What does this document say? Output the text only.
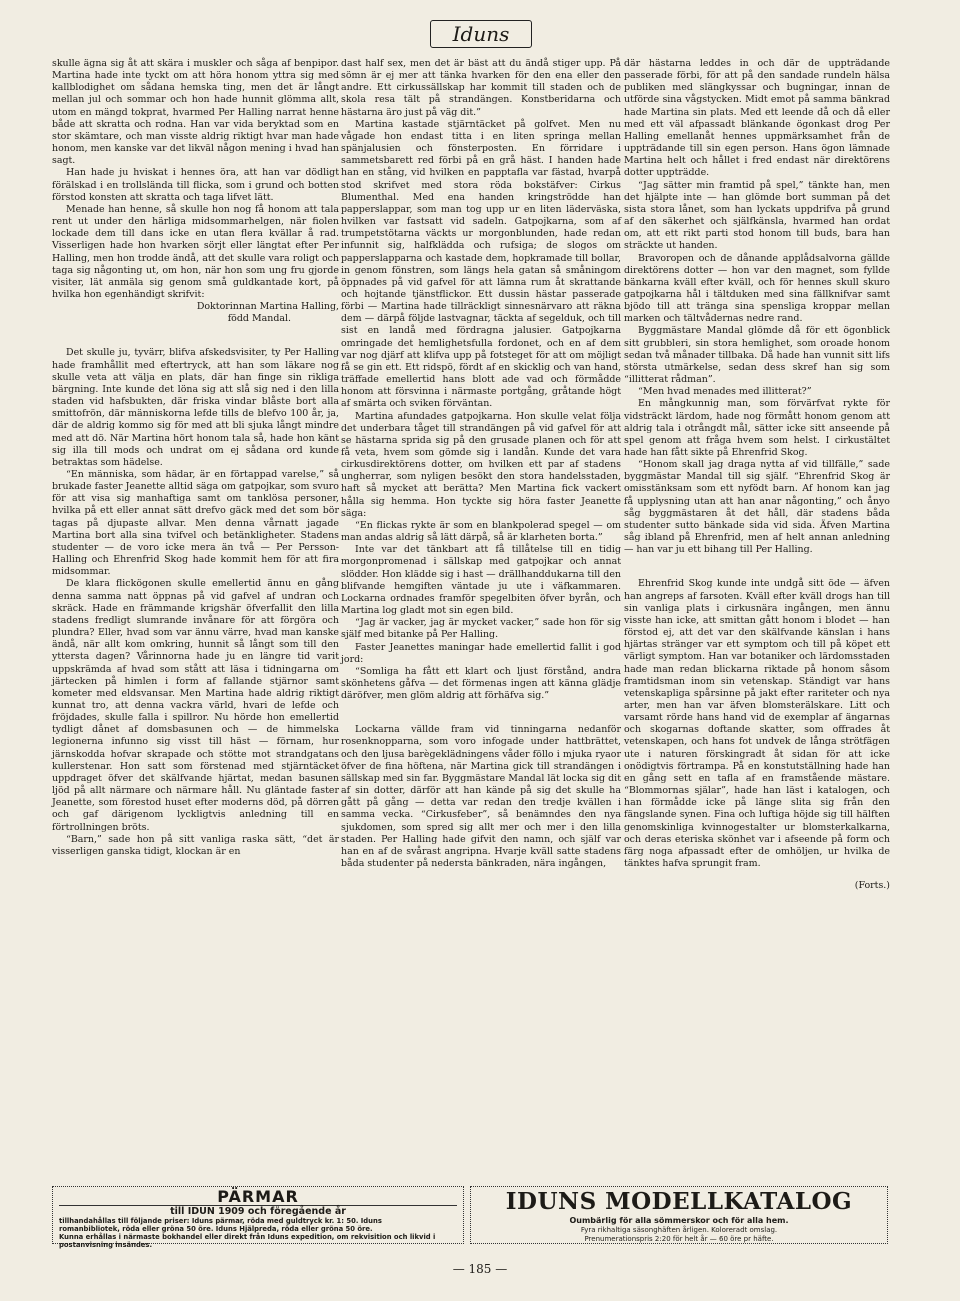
Iduns

skulle ägna sig åt att skära i muskler och såga af benpipor. Martina hade inte tyckt om att höra honom yttra sig med kallblodighet om sådana hemska ting, men det är långt mellan jul och sommar och hon hade hunnit glömma allt, utom en mängd tokprat, hvarmed Per Halling narrat henne både att skratta och rodna. Han var vida beryktad som en stor skämtare, och man visste aldrig riktigt hvar man hade honom, men kanske var det likväl någon mening i hvad han sagt.

Han hade ju hviskat i hennes öra, att han var dödligt förälskad i en trollslända till flicka, som i grund och botten förstod konsten att skratta och taga lifvet lätt.

Menade han henne, så skulle hon nog få honom att tala rent ut under den härliga midsommarhelgen, när fiolen lockade dem till dans icke en utan flera kvällar å rad. Visserligen hade hon hvarken sörjt eller längtat efter Per Halling, men hon trodde ändå, att det skulle vara roligt och taga sig någonting ut, om hon, när hon som ung fru gjorde visiter, lät anmäla sig genom små guldkantade kort, på hvilka hon egenhändigt skrifvit:

Doktorinnan Martina Halling,

född Mandal.

Det skulle ju, tyvärr, blifva afskedsvisiter, ty Per Halling hade framhållit med eftertryck, att han som läkare nog skulle veta att välja en plats, där han finge sin rikliga bärgning. Inte kunde det löna sig att slå sig ned i den lilla staden vid hafsbukten, där friska vindar blåste bort alla smittofrön, där människorna lefde tills de blefvo 100 år, ja, där de aldrig kommo sig för med att bli sjuka långt mindre med att dö. När Martina hört honom tala så, hade hon känt sig illa till mods och undrat om ej sådana ord kunde betraktas som hädelse.

“En människa, som hädar, är en förtappad varelse,” så brukade faster Jeanette alltid säga om gatpojkar, som svuro för att visa sig manhaftiga samt om tanklösa personer, hvilka på ett eller annat sätt drefvo gäck med det som bör tagas på djupaste allvar. Men denna vårnatt jagade Martina bort alla sina tvifvel och betänkligheter. Stadens studenter — de voro icke mera än två — Per Persson-Halling och Ehrenfrid Skog hade kommit hem för att fira midsommar.

De klara flickögonen skulle emellertid ännu en gång denna samma natt öppnas på vid gafvel af undran och skräck. Hade en främmande krigshär öfverfallit den lilla stadens fredligt slumrande invånare för att förgöra och plundra? Eller, hvad som var ännu värre, hvad man kanske ändå, när allt kom omkring, hunnit så långt som till den yttersta dagen? Vårinnorna hade ju en längre tid varit uppskrämda af hvad som stått att läsa i tidningarna om järtecken på himlen i form af fallande stjärnor samt kometer med eldsvansar. Men Martina hade aldrig riktigt kunnat tro, att denna vackra värld, hvari de lefde och fröjdades, skulle falla i spillror. Nu hörde hon emellertid tydligt dånet af domsbasunen och — de himmelska legionerna infunno sig visst till häst — förnam, hur järnskodda hofvar skrapade och stötte mot strandgatans kullerstenar. Hon satt som förstenad med stjärntäcket uppdraget öfver det skälfvande hjärtat, medan basunen ljöd på allt närmare och närmare håll. Nu gläntade faster Jeanette, som förestod huset efter moderns död, på dörren och gaf därigenom lyckligtvis anledning till en förtrollningen bröts.

“Barn,” sade hon på sitt vanliga raska sätt, “det är visserligen ganska tidigt, klockan är en

dast half sex, men det är bäst att du ändå stiger upp. På sömn är ej mer att tänka hvarken för den ena eller den andre. Ett cirkussällskap har kommit till staden och de skola resa tält på strandängen. Konstberidarna och hästarna äro just på väg dit.”

Martina kastade stjärntäcket på golfvet. Men nu vågade hon endast titta i en liten springa mellan spänjalusien och fönsterposten. En förridare i sammetsbarett red förbi på en grå häst. I handen hade han en stång, vid hvilken en papptafla var fästad, hvarpå stod skrifvet med stora röda bokstäfver: Cirkus Blumenthal. Med ena handen kringströdde han papperslappar, som man tog upp ur en liten läderväska, hvilken var fastsatt vid sadeln. Gatpojkarna, som af trumpetstötarna väckts ur morgonblunden, hade redan infunnit sig, halfklädda och rufsiga; de slogos om papperslapparna och kastade dem, hopkramade till bollar, in genom fönstren, som längs hela gatan så småningom öppnades på vid gafvel för att lämna rum åt skrattande och hojtande tjänstflickor. Ett dussin hästar passerade förbi — Martina hade tillräckligt sinnesnärvaro att räkna dem — därpå följde lastvagnar, täckta af segelduk, och till sist en landå med fördragna jalusier. Gatpojkarna omringade det hemlighetsfulla fordonet, och en af dem var nog djärf att klifva upp på fotsteget för att om möjligt få se gin ett. Ett ridspö, fördt af en skicklig och van hand, träffade emellertid hans blott ade vad och förmådde honom att försvinna i närmaste portgång, gråtande högt af smärta och sviken förväntan.

Martina afundades gatpojkarna. Hon skulle velat följa det underbara tåget till strandängen på vid gafvel för att se hästarna sprida sig på den grusade planen och för att få veta, hvem som gömde sig i landån. Kunde det vara cirkusdirektörens dotter, om hvilken ett par af stadens ungherrar, som nyligen besökt den stora handelsstaden, haft så mycket att berätta? Men Martina fick vackert hålla sig hemma. Hon tyckte sig höra faster Jeanette säga:

“En flickas rykte är som en blankpolerad spegel — om man andas aldrig så lätt därpå, så är klarheten borta.”

Inte var det tänkbart att få tillåtelse till en tidig morgonpromenad i sällskap med gatpojkar och annat slödder. Hon klädde sig i hast — drällhanddukarna till den blifvande hemgiften väntade ju ute i väfkammaren. Lockarna ordnades framför spegelbiten öfver byrån, och Martina log gladt mot sin egen bild.

“Jag är vacker, jag är mycket vacker,” sade hon för sig själf med bitanke på Per Halling.

Faster Jeanettes maningar hade emellertid fallit i god jord:

“Somliga ha fått ett klart och ljust förstånd, andra skönhetens gåfva — det förmenas ingen att känna glädje däröfver, men glöm aldrig att förhäfva sig.”

Lockarna vällde fram vid tinningarna nedanför rosenknopparna, som voro infogade under hattbrättet, och den ljusa barègeklädningens våder föllo i mjuka ryaor öfver de fina höftena, när Martina gick till strandängen i sällskap med sin far. Byggmästare Mandal lät locka sig dit af sin dotter, därför att han kände på sig det skulle ha gått på gång — detta var redan den tredje kvällen i samma vecka. “Cirkusfeber”, så benämndes den nya sjukdomen, som spred sig allt mer och mer i den lilla staden. Per Halling hade gifvit den namn, och själf var han en af de svårast angripna. Hvarje kväll satte stadens båda studenter på nedersta bänkraden, nära ingången,

där hästarna leddes in och där de uppträdande passerade förbi, för att på den sandade rundeln hälsa publiken med slängkyssar och bugningar, innan de utförde sina vågstycken. Midt emot på samma bänkrad hade Martina sin plats. Med ett leende då och då eller med ett väl afpassadt blänkande ögonkast drog Per Halling emellanåt hennes uppmärksamhet från de uppträdande till sin egen person. Hans ögon lämnade Martina helt och hållet i fred endast när direktörens dotter uppträdde.

“Jag sätter min framtid på spel,” tänkte han, men det hjälpte inte — han glömde bort summan på det sista stora lånet, som han lyckats uppdrifva på grund af den säkerhet och själfkänsla, hvarmed han ordat om, att ett rikt parti stod honom till buds, bara han sträckte ut handen.

Bravoropen och de dånande applådsalvorna gällde direktörens dotter — hon var den magnet, som fyllde bänkarna kväll efter kväll, och för hennes skull skuro gatpojkarna hål i tältduken med sina fällknifvar samt bjödo till att tränga sina spensliga kroppar mellan marken och tältvådernas nedre rand.

Byggmästare Mandal glömde då för ett ögonblick sitt grubbleri, sin stora hemlighet, som oroade honom sedan två månader tillbaka. Då hade han vunnit sitt lifs största utmärkelse, sedan dess skref han sig som “illitterat rådman”.

“Men hvad menades med illitterat?”

En mångkunnig man, som förvärfvat rykte för vidsträckt lärdom, hade nog förmått honom genom att aldrig tala i otrångdt mål, sätter icke sitt anseende på spel genom att fråga hvem som helst. I cirkustältet hade han fått sikte på Ehrenfrid Skog.

“Honom skall jag draga nytta af vid tillfälle,” sade byggmästar Mandal till sig själf. “Ehrenfrid Skog är omisstänksam som ett nyfödt barn. Af honom kan jag få upplysning utan att han anar någonting,” och ånyo såg byggmästaren åt det håll, där stadens båda studenter sutto bänkade sida vid sida. Äfven Martina såg ibland på Ehrenfrid, men af helt annan anledning — han var ju ett bihang till Per Halling.

Ehrenfrid Skog kunde inte undgå sitt öde — äfven han angreps af farsoten. Kväll efter kväll drogs han till sin vanliga plats i cirkusnära ingången, men ännu visste han icke, att smittan gått honom i blodet — han förstod ej, att det var den skälfvande känslan i hans hjärtas stränger var ett symptom och till på köpet ett värligt symptom. Han var botaniker och lärdomsstaden hade man redan blickarna riktade på honom såsom framtidsman inom sin vetenskap. Ständigt var hans vetenskapliga spårsinne på jakt efter rariteter och nya arter, men han var äfven blomsterälskare. Litt och varsamt rörde hans hand vid de exemplar af ängarnas och skogarnas doftande skatter, som offrades åt vetenskapen, och hans fot undvek de långa strötfägen ute i naturen förskingradt åt sidan för att icke onödigtvis förtrampa. På en konstutställning hade han en gång sett en tafla af en framstående mästare. “Blommornas själar”, hade han läst i katalogen, och han förmådde icke på länge slita sig från den fängslande synen. Fina och luftiga höjde sig till hälften genomskinliga kvinnogestalter ur blomsterkalkarna, och deras eteriska skönhet var i afseende på form och färg noga afpassadt efter de omhöljen, ur hvilka de tänktes hafva sprungit fram.

(Forts.)
PÄRMAR
till IDUN 1909 och föregående år
tillhandahållas till följande priser: Iduns pärmar, röda med guldtryck kr. 1: 50. Iduns
romanbibliotek, röda eller gröna 50 öre. Iduns Hjälpreda, röda eller gröna 50 öre.
Kunna erhållas i närmaste bokhandel eller direkt från Iduns expedition, om rekvisition och likvid i postanvisning insändes.
IDUNS MODELLKATALOG
Oumbärlig för alla sömmerskor och för alla hem.
Fyra rikhaltiga säsonghäften årligen. Koloreradt omslag.
Prenumerationspris 2:20 för helt år — 60 öre pr häfte.
— 185 —
